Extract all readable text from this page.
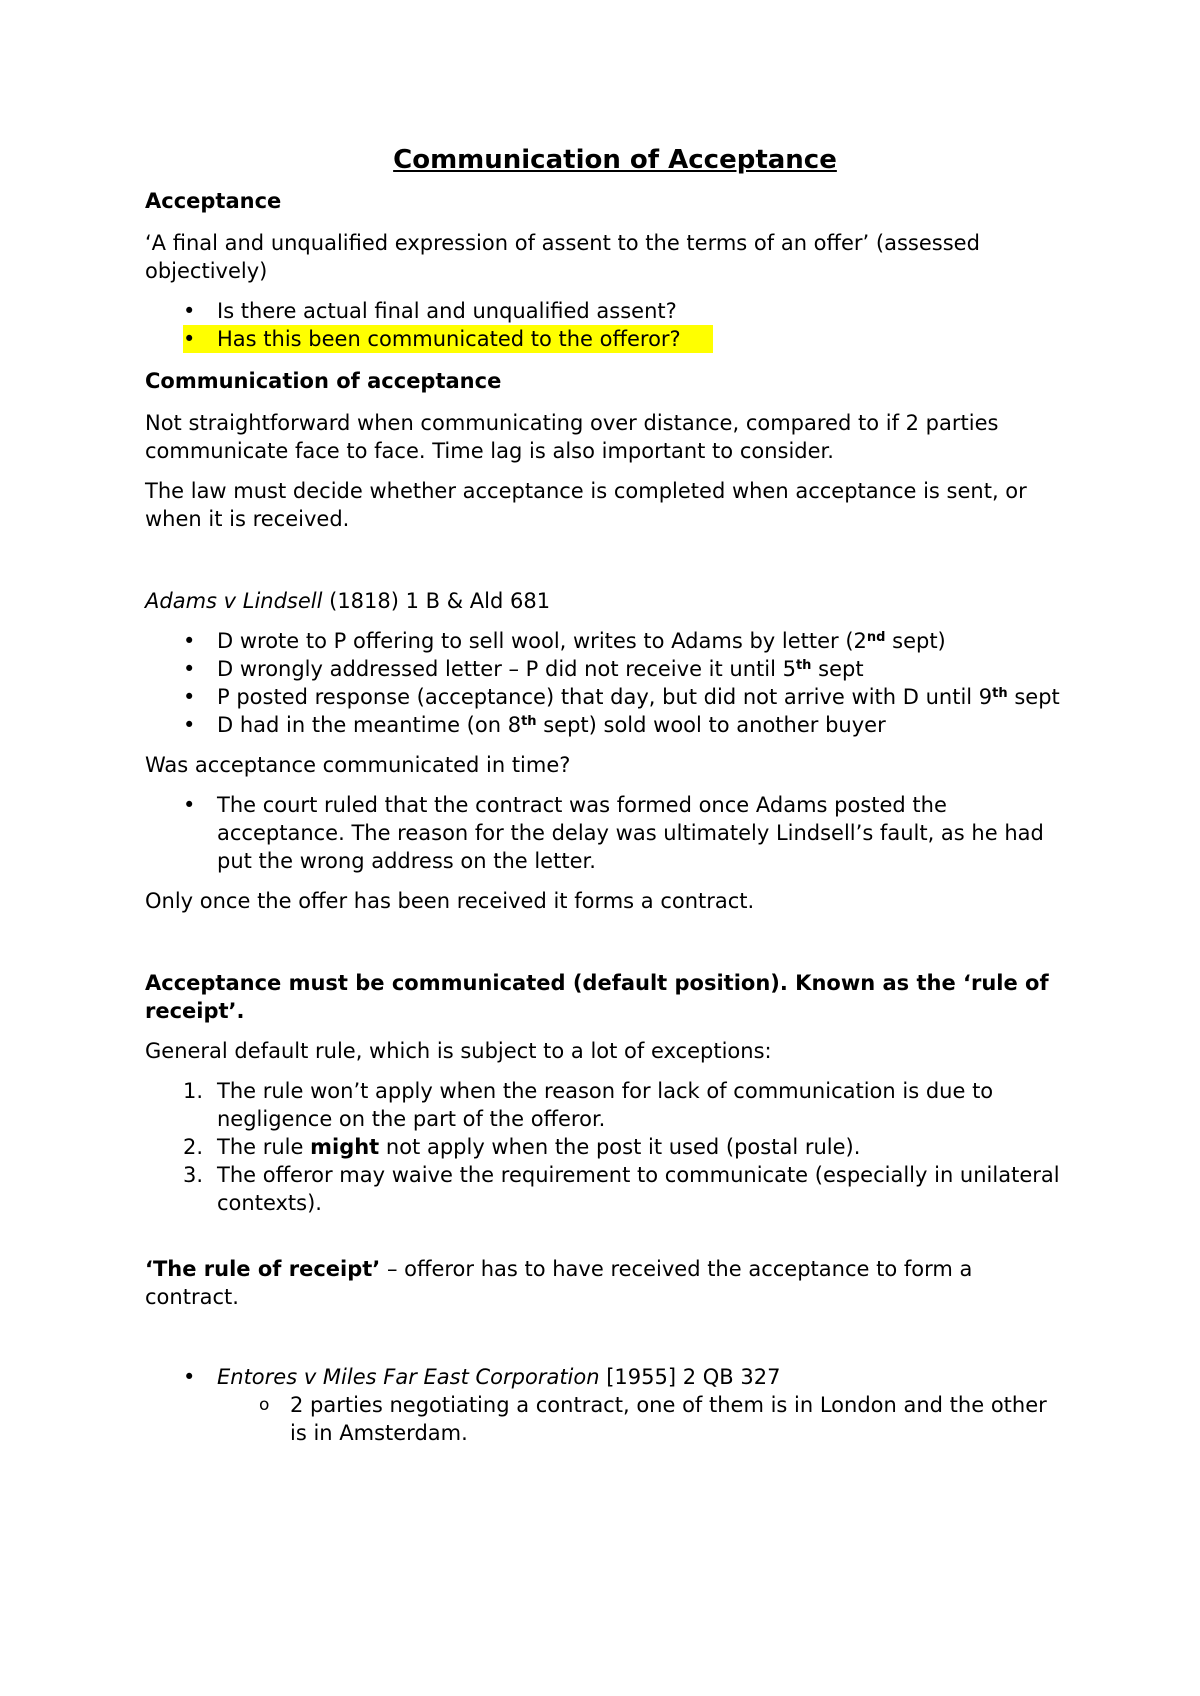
Communication of Acceptance

Acceptance

‘A final and unqualified expression of assent to the terms of an offer’ (assessed objectively)

• Is there actual final and unqualified assent?
• • Has this been communicated to the offeror?

Communication of acceptance

Not straightforward when communicating over distance, compared to if 2 parties communicate face to face. Time lag is also important to consider.

The law must decide whether acceptance is completed when acceptance is sent, or when it is received.

Adams v Lindsell (1818) 1 B & Ald 681

• D wrote to P offering to sell wool, writes to Adams by letter (2nd sept)
• D wrongly addressed letter – P did not receive it until 5th sept
• P posted response (acceptance) that day, but did not arrive with D until 9th sept
• D had in the meantime (on 8th sept) sold wool to another buyer

Was acceptance communicated in time?

• The court ruled that the contract was formed once Adams posted the acceptance. The reason for the delay was ultimately Lindsell’s fault, as he had put the wrong address on the letter.

Only once the offer has been received it forms a contract.

Acceptance must be communicated (default position). Known as the ‘rule of receipt’.

General default rule, which is subject to a lot of exceptions:

1. The rule won’t apply when the reason for lack of communication is due to negligence on the part of the offeror.
2. The rule might not apply when the post it used (postal rule).
3. The offeror may waive the requirement to communicate (especially in unilateral contexts).

‘The rule of receipt’ – offeror has to have received the acceptance to form a contract.

• Entores v Miles Far East Corporation [1955] 2 QB 327
o 2 parties negotiating a contract, one of them is in London and the other is in Amsterdam.
